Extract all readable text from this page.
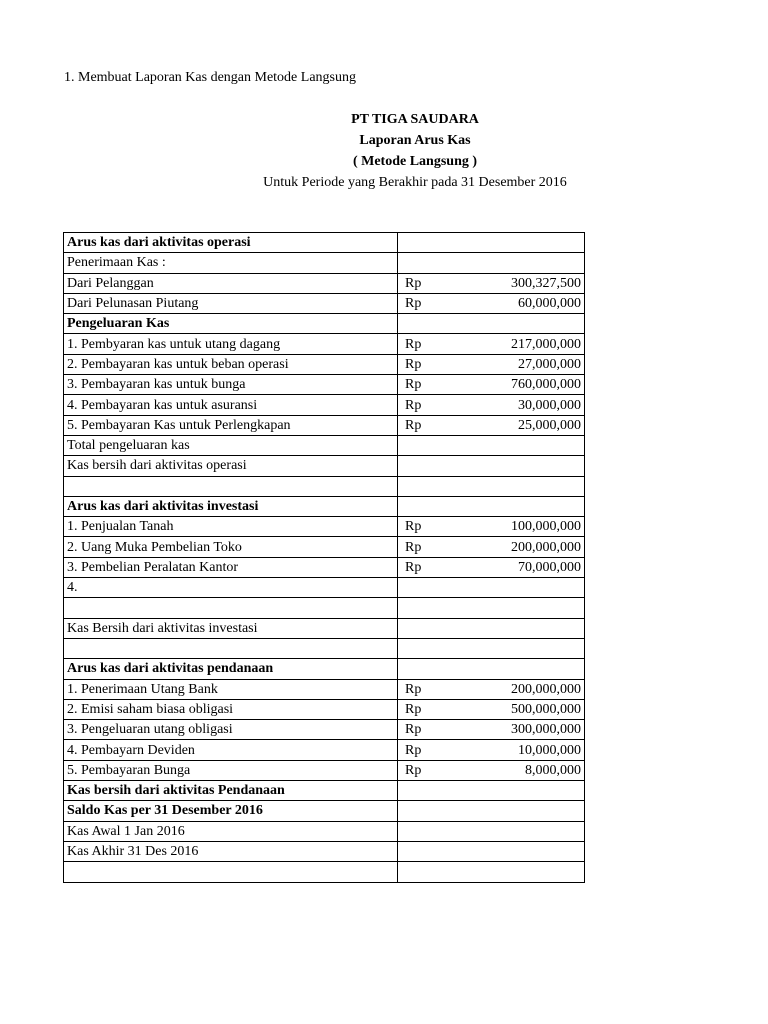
1. Membuat Laporan Kas dengan Metode Langsung
PT TIGA SAUDARA
Laporan Arus Kas
( Metode Langsung )
Untuk Periode yang Berakhir pada 31 Desember 2016
Arus kas dari aktivitas operasi	
Penerimaan Kas :	
Dari Pelanggan	Rp 300,327,500

Dari Pelunasan Piutang	Rp 60,000,000

Pengeluaran Kas	
1. Pembyaran kas untuk utang dagang	Rp 217,000,000

2. Pembayaran kas untuk beban operasi	Rp 27,000,000

3. Pembayaran kas untuk bunga	Rp 760,000,000

4. Pembayaran kas untuk asuransi	Rp 30,000,000

5. Pembayaran Kas untuk Perlengkapan	Rp 25,000,000

Total pengeluaran kas	
Kas bersih dari aktivitas operasi	

Arus kas dari aktivitas investasi	
1. Penjualan Tanah	Rp 100,000,000

2. Uang Muka Pembelian Toko	Rp 200,000,000

3. Pembelian Peralatan Kantor	Rp 70,000,000

4.	

Kas Bersih dari aktivitas investasi	

Arus kas dari aktivitas pendanaan	
1. Penerimaan Utang Bank	Rp 200,000,000

2. Emisi saham biasa obligasi	Rp 500,000,000

3. Pengeluaran utang obligasi	Rp 300,000,000

4. Pembayarn Deviden	Rp 10,000,000

5. Pembayaran Bunga	Rp 8,000,000

Kas bersih dari aktivitas Pendanaan	
Saldo Kas per 31 Desember 2016	
Kas Awal 1 Jan 2016	
Kas Akhir 31 Des 2016	
